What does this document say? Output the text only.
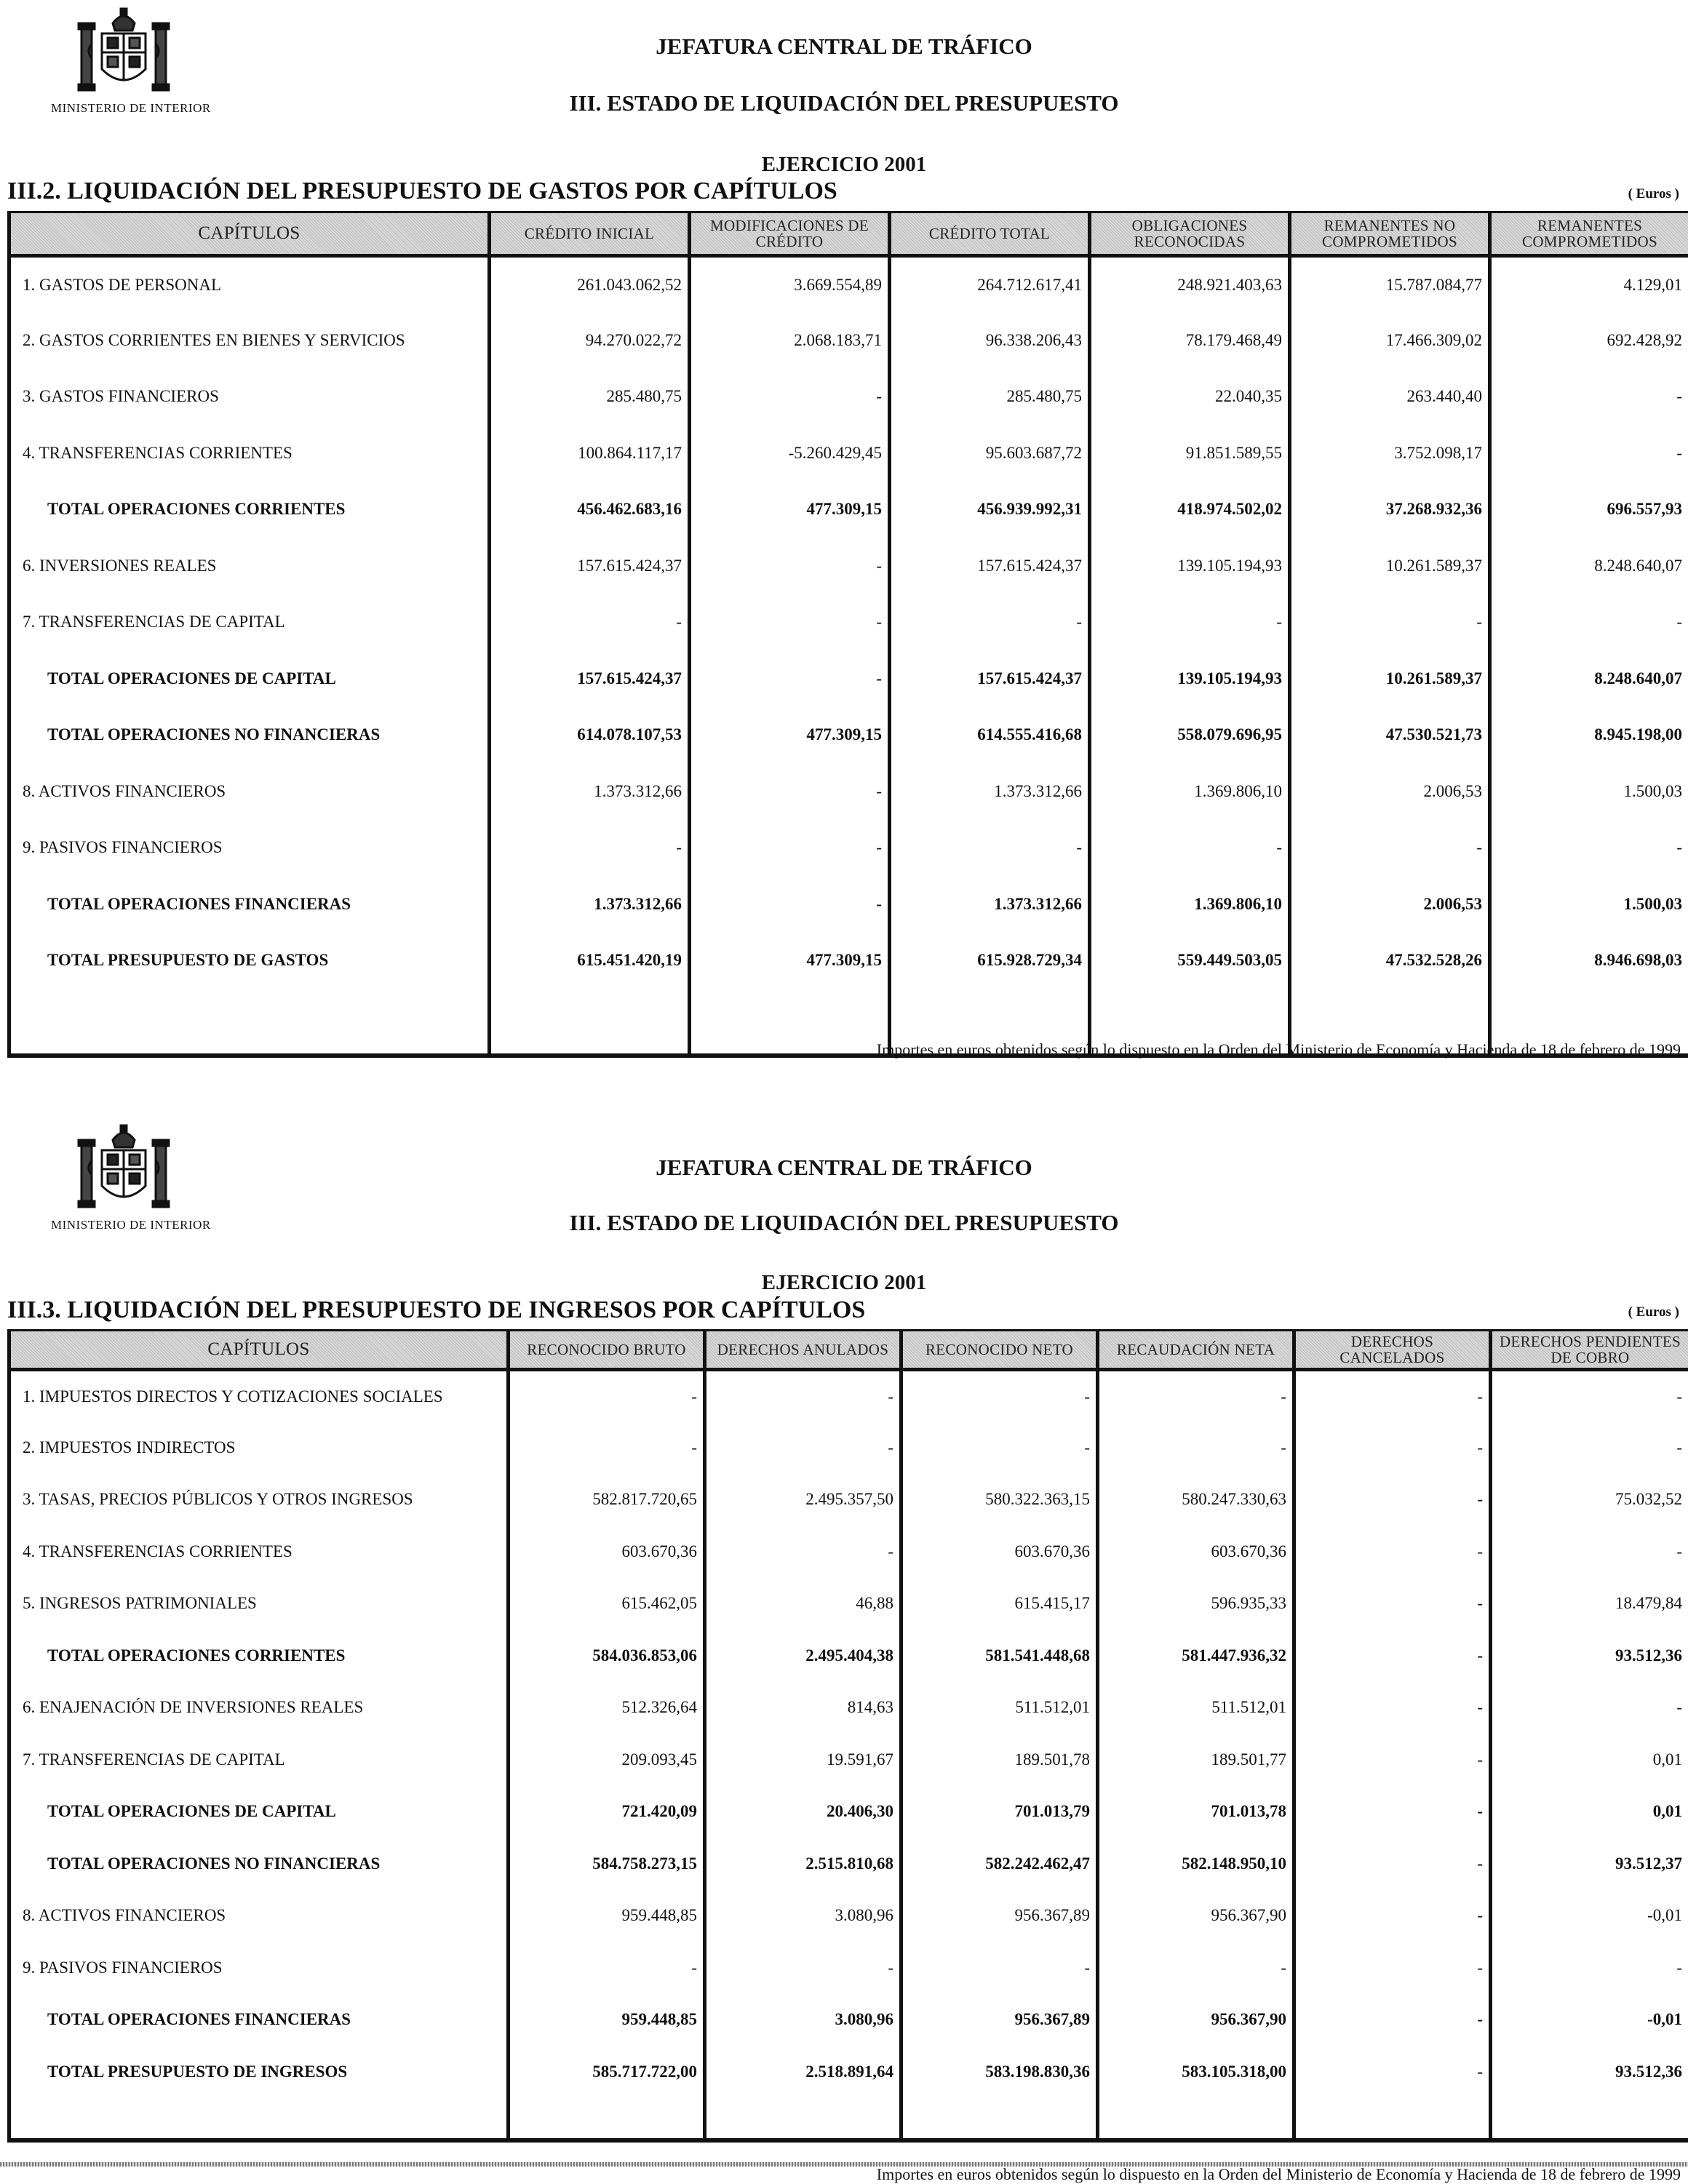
MINISTERIO DE INTERIOR
JEFATURA CENTRAL DE TRÁFICO
III. ESTADO DE LIQUIDACIÓN DEL PRESUPUESTO
EJERCICIO 2001
III.2. LIQUIDACIÓN DEL PRESUPUESTO DE GASTOS POR CAPÍTULOS	( Euros )
CAPÍTULOS	CRÉDITO INICIAL	MODIFICACIONES DE CRÉDITO	CRÉDITO TOTAL	OBLIGACIONES RECONOCIDAS	REMANENTES NO COMPROMETIDOS	REMANENTES COMPROMETIDOS
1. GASTOS DE PERSONAL	261.043.062,52	3.669.554,89	264.712.617,41	248.921.403,63	15.787.084,77	4.129,01
2. GASTOS CORRIENTES EN BIENES Y SERVICIOS	94.270.022,72	2.068.183,71	96.338.206,43	78.179.468,49	17.466.309,02	692.428,92
3. GASTOS FINANCIEROS	285.480,75	-	285.480,75	22.040,35	263.440,40	-
4. TRANSFERENCIAS CORRIENTES	100.864.117,17	-5.260.429,45	95.603.687,72	91.851.589,55	3.752.098,17	-
TOTAL OPERACIONES CORRIENTES	456.462.683,16	477.309,15	456.939.992,31	418.974.502,02	37.268.932,36	696.557,93
6. INVERSIONES REALES	157.615.424,37	-	157.615.424,37	139.105.194,93	10.261.589,37	8.248.640,07
7. TRANSFERENCIAS DE CAPITAL	-	-	-	-	-	-
TOTAL OPERACIONES DE CAPITAL	157.615.424,37	-	157.615.424,37	139.105.194,93	10.261.589,37	8.248.640,07
TOTAL OPERACIONES NO FINANCIERAS	614.078.107,53	477.309,15	614.555.416,68	558.079.696,95	47.530.521,73	8.945.198,00
8. ACTIVOS FINANCIEROS	1.373.312,66	-	1.373.312,66	1.369.806,10	2.006,53	1.500,03
9. PASIVOS FINANCIEROS	-	-	-	-	-	-
TOTAL OPERACIONES FINANCIERAS	1.373.312,66	-	1.373.312,66	1.369.806,10	2.006,53	1.500,03
TOTAL PRESUPUESTO DE GASTOS	615.451.420,19	477.309,15	615.928.729,34	559.449.503,05	47.532.528,26	8.946.698,03

Importes en euros obtenidos según lo dispuesto en la Orden del Ministerio de Economía y Hacienda de 18 de febrero de 1999
MINISTERIO DE INTERIOR
JEFATURA CENTRAL DE TRÁFICO
III. ESTADO DE LIQUIDACIÓN DEL PRESUPUESTO
EJERCICIO 2001
III.3. LIQUIDACIÓN DEL PRESUPUESTO DE INGRESOS POR CAPÍTULOS	( Euros )
CAPÍTULOS	RECONOCIDO BRUTO	DERECHOS ANULADOS	RECONOCIDO NETO	RECAUDACIÓN NETA	DERECHOS CANCELADOS	DERECHOS PENDIENTES DE COBRO
1. IMPUESTOS DIRECTOS Y COTIZACIONES SOCIALES	-	-	-	-	-	-
2. IMPUESTOS INDIRECTOS	-	-	-	-	-	-
3. TASAS, PRECIOS PÚBLICOS Y OTROS INGRESOS	582.817.720,65	2.495.357,50	580.322.363,15	580.247.330,63	-	75.032,52
4. TRANSFERENCIAS CORRIENTES	603.670,36	-	603.670,36	603.670,36	-	-
5. INGRESOS PATRIMONIALES	615.462,05	46,88	615.415,17	596.935,33	-	18.479,84
TOTAL OPERACIONES CORRIENTES	584.036.853,06	2.495.404,38	581.541.448,68	581.447.936,32	-	93.512,36
6. ENAJENACIÓN DE INVERSIONES REALES	512.326,64	814,63	511.512,01	511.512,01	-	-
7. TRANSFERENCIAS DE CAPITAL	209.093,45	19.591,67	189.501,78	189.501,77	-	0,01
TOTAL OPERACIONES DE CAPITAL	721.420,09	20.406,30	701.013,79	701.013,78	-	0,01
TOTAL OPERACIONES NO FINANCIERAS	584.758.273,15	2.515.810,68	582.242.462,47	582.148.950,10	-	93.512,37
8. ACTIVOS FINANCIEROS	959.448,85	3.080,96	956.367,89	956.367,90	-	-0,01
9. PASIVOS FINANCIEROS	-	-	-	-	-	-
TOTAL OPERACIONES FINANCIERAS	959.448,85	3.080,96	956.367,89	956.367,90	-	-0,01
TOTAL PRESUPUESTO DE INGRESOS	585.717.722,00	2.518.891,64	583.198.830,36	583.105.318,00	-	93.512,36

Importes en euros obtenidos según lo dispuesto en la Orden del Ministerio de Economía y Hacienda de 18 de febrero de 1999
